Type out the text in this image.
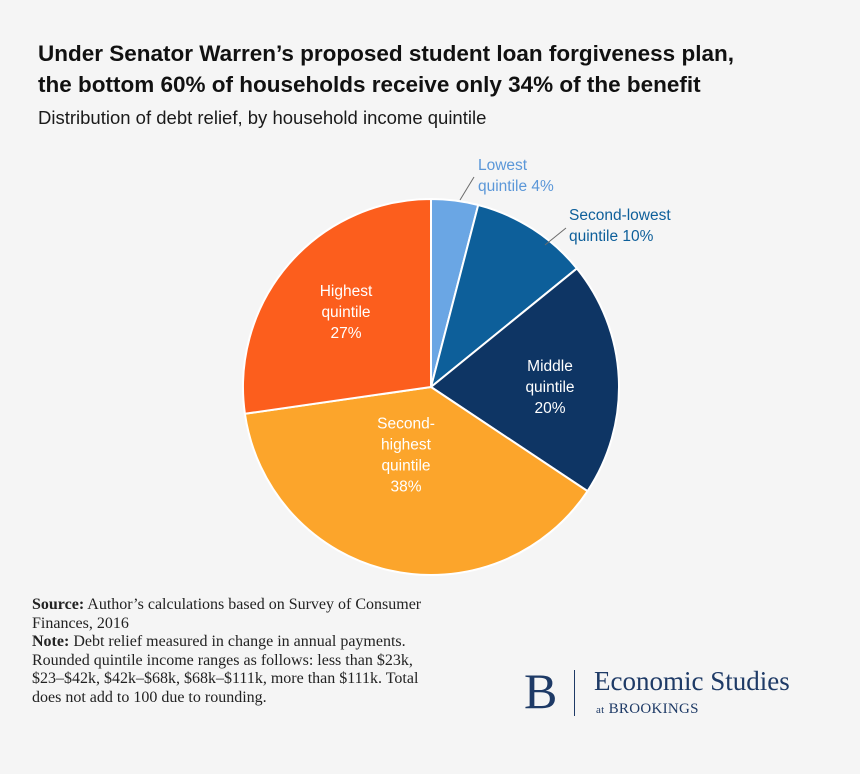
Under Senator Warren’s proposed student loan forgiveness plan,
the bottom 60% of households receive only 34% of the benefit

Distribution of debt relief, by household income quintile

Lowest quintile 4%
Second-lowest quintile 10%
Middle quintile 20%
Second-highest quintile 38%
Highest quintile 27%

Source: Author’s calculations based on Survey of Consumer
Finances, 2016

Note: Debt relief measured in change in annual payments.
Rounded quintile income ranges as follows: less than $23k,
$23–$42k, $42k–$68k, $68k–$111k, more than $111k. Total
does not add to 100 due to rounding.	B Economic Studies
at BROOKINGS
